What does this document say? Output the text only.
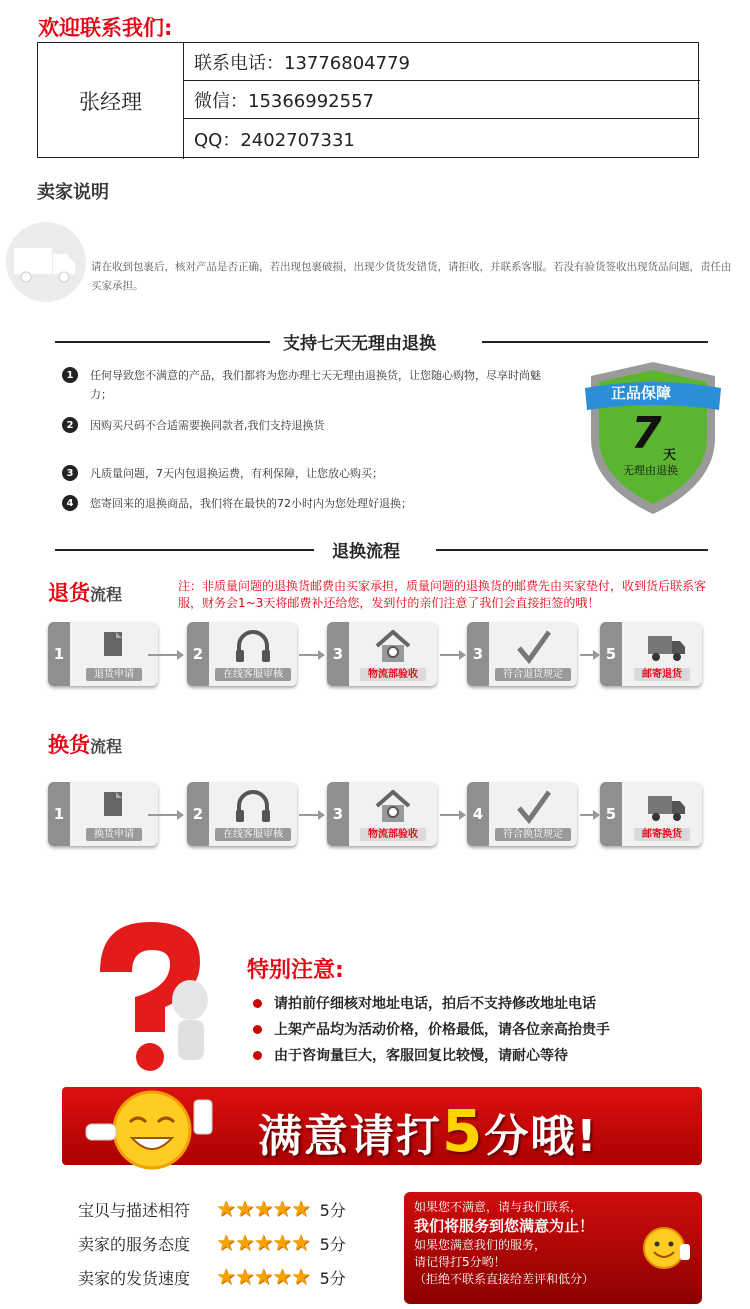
欢迎联系我们:
张经理
联系电话：13776804779
微信：15366992557
QQ：2402707331
卖家说明
请在收到包裹后，核对产品是否正确，若出现包裹破损，出现少货货发错货，请拒收，并联系客服。若没有验货签收出现货品问题，责任由买家承担。
支持七天无理由退换
1	任何导致您不满意的产品，我们都将为您办理七天无理由退换货，让您随心购物，尽享时尚魅力；
2	因购买尺码不合适需要换同款者,我们支持退换货
3	凡质量问题，7天内包退换运费，有利保障，让您放心购买；
4	您寄回来的退换商品，我们将在最快的72小时内为您处理好退换；
正品保障
7 天
无理由退换
退换流程
退货流程	注：非质量问题的退换货邮费由买家承担，质量问题的退换货的邮费先由买家垫付，收到货后联系客服，财务会1~3天将邮费补还给您，发到付的亲们注意了我们会直接拒签的哦！
1
退货申请
2
在线客服审核
3
物流部验收
3
符合退货规定
5
邮寄退货
换货流程
1
换货申请
2
在线客服审核
3
物流部验收
4
符合换货规定
5
邮寄换货
特别注意:
请拍前仔细核对地址电话，拍后不支持修改地址电话
上架产品均为活动价格，价格最低，请各位亲高抬贵手
由于咨询量巨大，客服回复比较慢，请耐心等待
满意请打5分哦!
宝贝与描述相符	★★★★★ 5分
卖家的服务态度	★★★★★ 5分
卖家的发货速度	★★★★★ 5分
如果您不满意，请与我们联系，
我们将服务到您满意为止！
如果您满意我们的服务，
请记得打5分哟！
（拒绝不联系直接给差评和低分）
